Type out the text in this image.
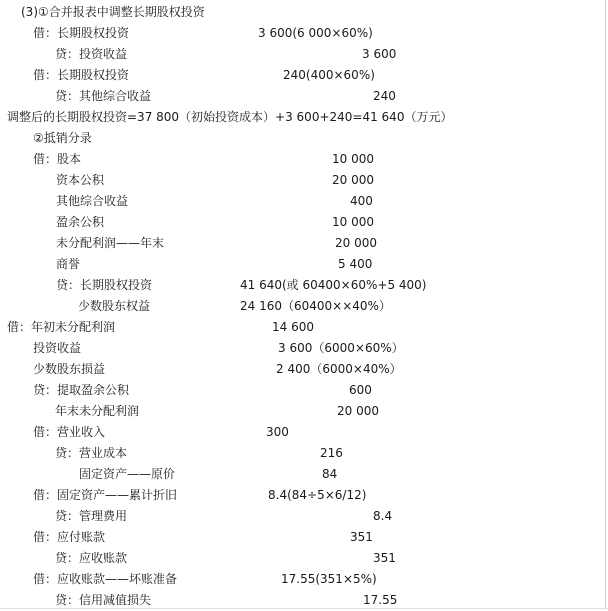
(3)①合并报表中调整长期股权投资
借：长期股权投资	3 600(6 000×60%)
贷：投资收益	3 600
借：长期股权投资	240(400×60%)
贷：其他综合收益	240
调整后的长期股权投资=37 800（初始投资成本）+3 600+240=41 640（万元）
②抵销分录
借：股本	10 000
资本公积	20 000
其他综合收益	400
盈余公积	10 000
未分配利润——年末	20 000
商誉	5 400
贷：长期股权投资	41 640(或 60400×60%+5 400)
少数股东权益	24 160（60400××40%）
借：年初未分配利润	14 600
投资收益	3 600（6000×60%）
少数股东损益	2 400（6000×40%）
贷：提取盈余公积	600
年末未分配利润	20 000
借：营业收入	300
贷：营业成本	216
固定资产——原价	84
借：固定资产——累计折旧	8.4(84÷5×6/12)
贷：管理费用	8.4
借：应付账款	351
贷：应收账款	351
借：应收账款——坏账准备	17.55(351×5%)
贷：信用减值损失	17.55
